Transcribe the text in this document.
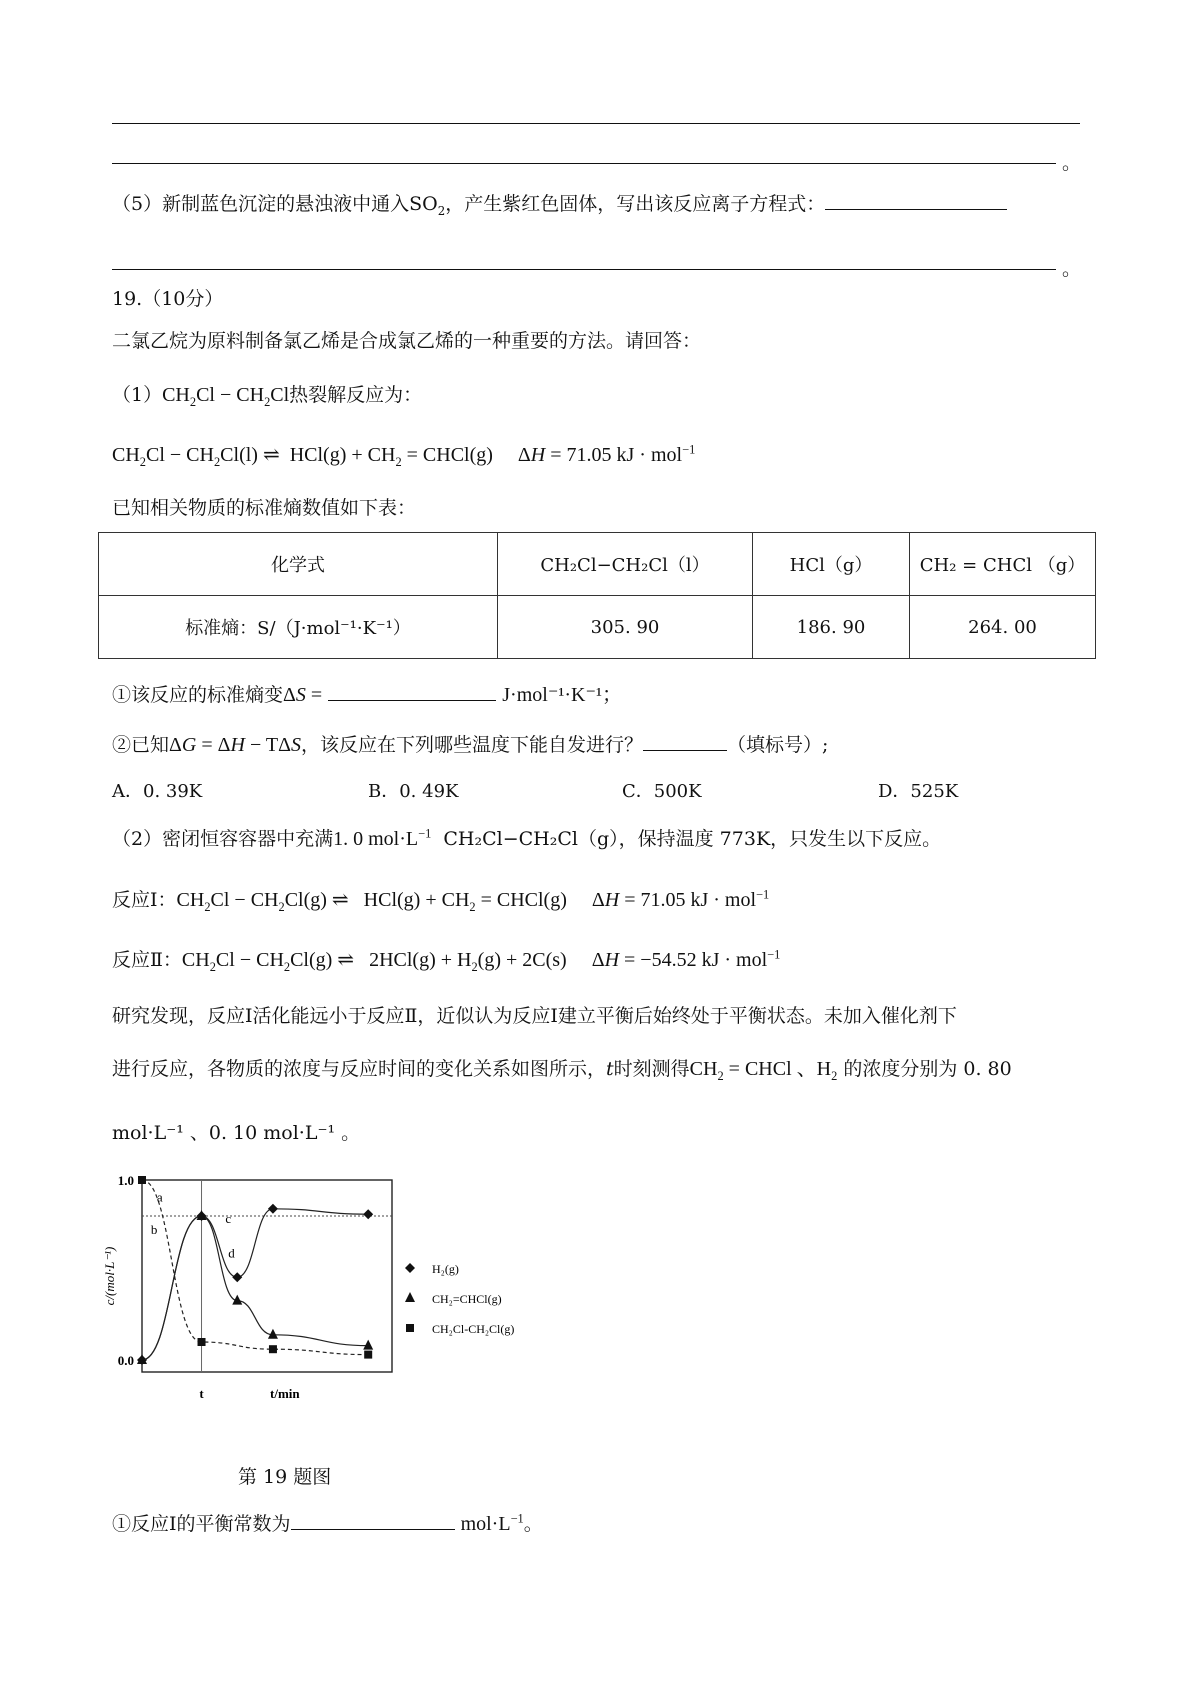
。
（5）新制蓝色沉淀的悬浊液中通入$SO_2$，产生紫红色固体，写出该反应离子方程式：
。
19.（10分）
二氯乙烷为原料制备氯乙烯是合成氯乙烯的一种重要的方法。请回答：
$(1)CH_2Cl - CH_2Cl$热裂解反应为：
$CH_2Cl - CH_2Cl(l)$ ⇌  $HCl(g) + CH_2$ = CHCl(g)     ΔH = 71.05 kJ · mol$^{-1}$
已知相关物质的标准熵数值如下表：
化学式	CH₂Cl−CH₂Cl（l）	HCl（g）	CH₂ = CHCl （g）
标准熵：S/（J·mol⁻¹·K⁻¹）	305. 90	186. 90	264. 00
①该反应的标准熵变ΔS =	J·mol⁻¹·K⁻¹；
②已知ΔG = ΔH − TΔS，该反应在下列哪些温度下能自发进行？	（填标号）;
A．0. 39K	B．0. 49K	C．500K	D．525K
（2）密闭恒容容器中充满1. 0 $mol\cdot L^{-1}$ CH₂Cl−CH₂Cl（g），保持温度 773K，只发生以下反应。
反应Ⅰ：$CH_2Cl - CH_2Cl(g)$ ⇌   $HCl(g) + CH_2$ = CHCl(g)     ΔH = 71.05 kJ · mol$^{-1}$
反应Ⅱ：$CH_2Cl - CH_2Cl(g)$ ⇌   $2HCl(g) + H_2(g) + 2C(s)$     ΔH = −54.52 kJ · mol$^{-1}$
研究发现，反应Ⅰ活化能远小于反应Ⅱ，近似认为反应Ⅰ建立平衡后始终处于平衡状态。未加入催化剂下
进行反应，各物质的浓度与反应时间的变化关系如图所示，t时刻测得$CH_2$ = CHCl 、$H_2$ 的浓度分别为 0. 80
mol·L⁻¹ 、0. 10 mol·L⁻¹ 。
1.0
0.0
t	t/min
c/(mol·L⁻¹)
a
b
c
d
H₂(g)
CH₂=CHCl(g)
CH₂Cl-CH₂Cl(g)
第 19 题图
①反应Ⅰ的平衡常数为	$mol\cdot L^{-1}$。
